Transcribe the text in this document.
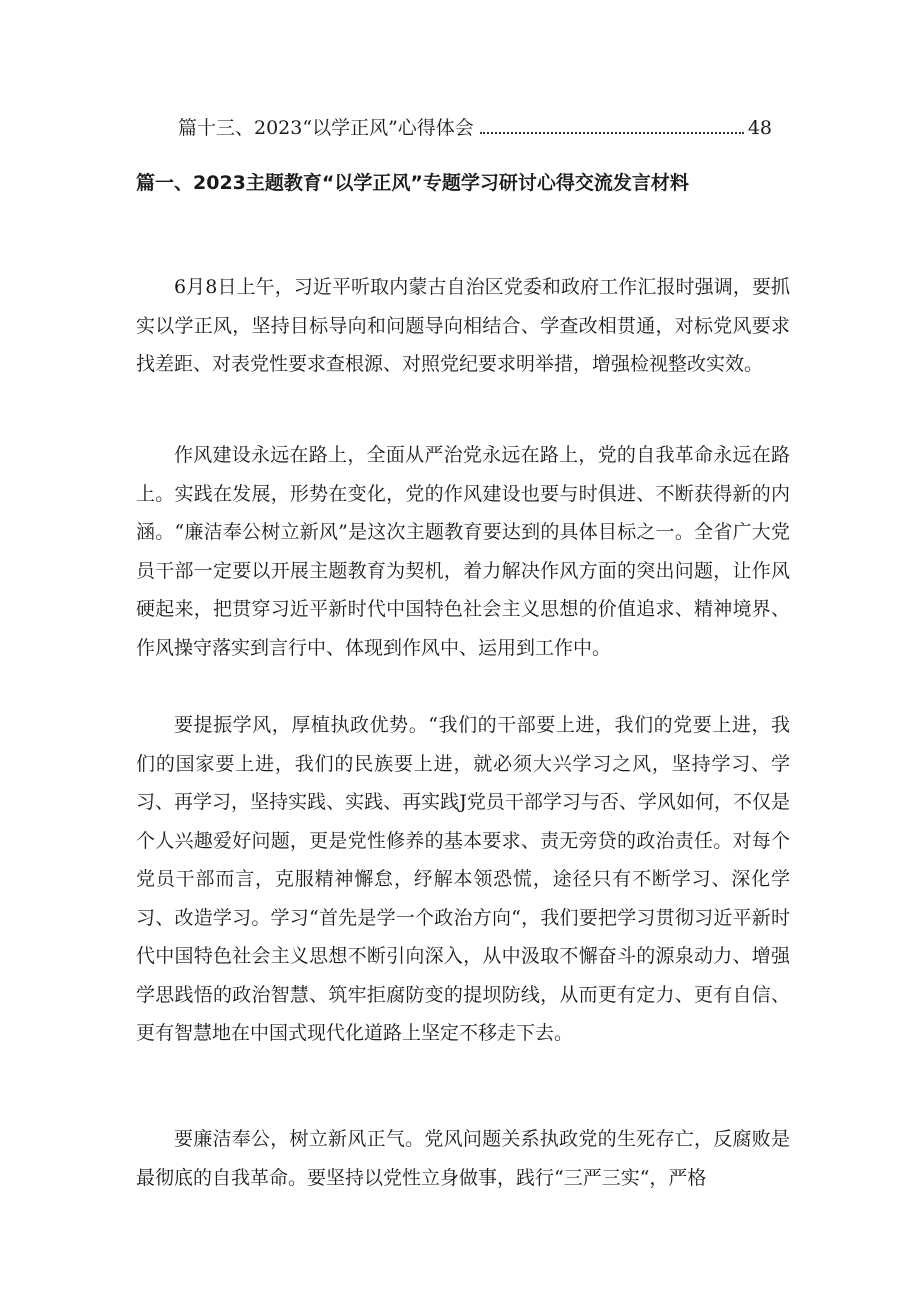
篇十三、2023“以学正风”心得体会	48
篇一、2023主题教育“以学正风”专题学习研讨心得交流发言材料

6月8日上午，习近平听取内蒙古自治区党委和政府工作汇报时强调，要抓实以学正风，坚持目标导向和问题导向相结合、学查改相贯通，对标党风要求找差距、对表党性要求查根源、对照党纪要求明举措，增强检视整改实效。

作风建设永远在路上，全面从严治党永远在路上，党的自我革命永远在路上。实践在发展，形势在变化，党的作风建设也要与时俱进、不断获得新的内涵。“廉洁奉公树立新风”是这次主题教育要达到的具体目标之一。全省广大党员干部一定要以开展主题教育为契机，着力解决作风方面的突出问题，让作风硬起来，把贯穿习近平新时代中国特色社会主义思想的价值追求、精神境界、作风操守落实到言行中、体现到作风中、运用到工作中。

要提振学风，厚植执政优势。“我们的干部要上进，我们的党要上进，我们的国家要上进，我们的民族要上进，就必须大兴学习之风，坚持学习、学习、再学习，坚持实践、实践、再实践J党员干部学习与否、学风如何，不仅是个人兴趣爱好问题，更是党性修养的基本要求、责无旁贷的政治责任。对每个党员干部而言，克服精神懈怠，纾解本领恐慌，途径只有不断学习、深化学习、改造学习。学习“首先是学一个政治方向“，我们要把学习贯彻习近平新时代中国特色社会主义思想不断引向深入，从中汲取不懈奋斗的源泉动力、增强学思践悟的政治智慧、筑牢拒腐防变的提坝防线，从而更有定力、更有自信、更有智慧地在中国式现代化道路上坚定不移走下去。

要廉洁奉公，树立新风正气。党风问题关系执政党的生死存亡，反腐败是最彻底的自我革命。要坚持以党性立身做事，践行“三严三实“，严格
